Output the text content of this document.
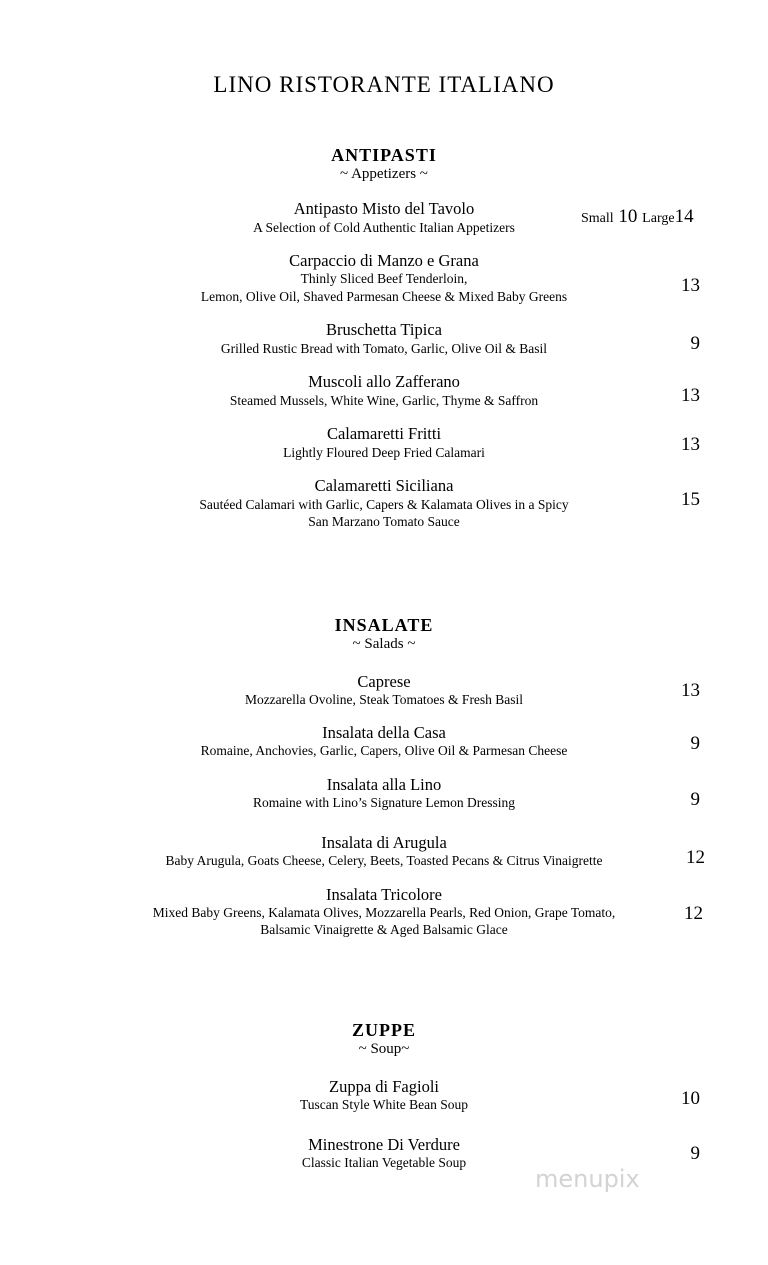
LINO RISTORANTE ITALIANO
ANTIPASTI

~ Appetizers ~

Antipasto Misto del Tavolo
A Selection of Cold Authentic Italian Appetizers
Small 10 Large14
Carpaccio di Manzo e Grana
Thinly Sliced Beef Tenderloin,
Lemon, Olive Oil, Shaved Parmesan Cheese & Mixed Baby Greens
13
Bruschetta Tipica
Grilled Rustic Bread with Tomato, Garlic, Olive Oil & Basil	9
Muscoli allo Zafferano
Steamed Mussels, White Wine, Garlic, Thyme & Saffron	13
Calamaretti Fritti
Lightly Floured Deep Fried Calamari	13
Calamaretti Siciliana
Sautéed Calamari with Garlic, Capers & Kalamata Olives in a Spicy
San Marzano Tomato Sauce
15
INSALATE

~ Salads ~

Caprese
Mozzarella Ovoline, Steak Tomatoes & Fresh Basil	13
Insalata della Casa
Romaine, Anchovies, Garlic, Capers, Olive Oil & Parmesan Cheese	9
Insalata alla Lino
Romaine with Lino’s Signature Lemon Dressing	9
Insalata di Arugula
Baby Arugula, Goats Cheese, Celery, Beets, Toasted Pecans & Citrus Vinaigrette	12
Insalata Tricolore
Mixed Baby Greens, Kalamata Olives, Mozzarella Pearls, Red Onion, Grape Tomato,
Balsamic Vinaigrette & Aged Balsamic Glace
12
ZUPPE

~ Soup~

Zuppa di Fagioli
Tuscan Style White Bean Soup	10
Minestrone Di Verdure
Classic Italian Vegetable Soup	9
menupix
